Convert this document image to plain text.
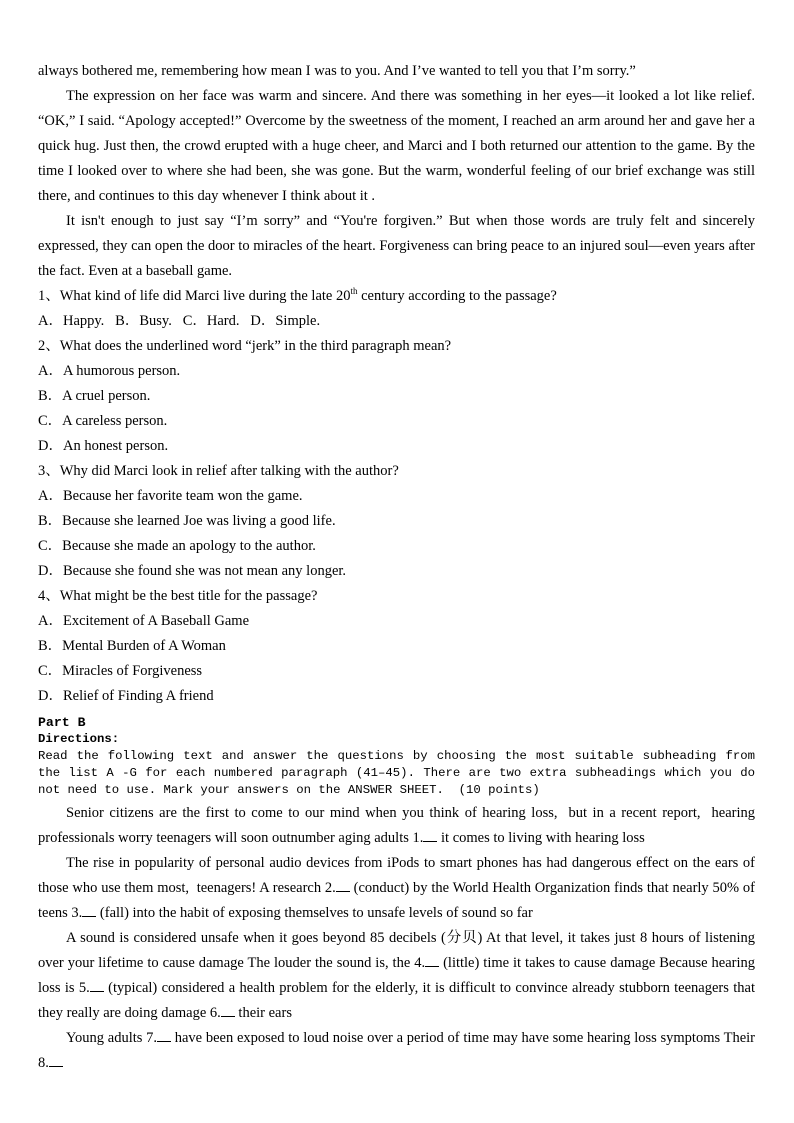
always bothered me, remembering how mean I was to you. And I’ve wanted to tell you that I’m sorry.”

The expression on her face was warm and sincere. And there was something in her eyes—it looked a lot like relief. “OK,” I said. “Apology accepted!” Overcome by the sweetness of the moment, I reached an arm around her and gave her a quick hug. Just then, the crowd erupted with a huge cheer, and Marci and I both returned our attention to the game. By the time I looked over to where she had been, she was gone. But the warm, wonderful feeling of our brief exchange was still there, and continues to this day whenever I think about it .

It isn't enough to just say “I’m sorry” and “You're forgiven.” But when those words are truly felt and sincerely expressed, they can open the door to miracles of the heart. Forgiveness can bring peace to an injured soul—even years after the fact. Even at a baseball game.

1、What kind of life did Marci live during the late 20th century according to the passage?

A．Happy.   B．Busy.   C．Hard.   D．Simple.

2、What does the underlined word “jerk” in the third paragraph mean?

A．A humorous person.

B．A cruel person.

C．A careless person.

D．An honest person.

3、Why did Marci look in relief after talking with the author?

A．Because her favorite team won the game.

B．Because she learned Joe was living a good life.

C．Because she made an apology to the author.

D．Because she found she was not mean any longer.

4、What might be the best title for the passage?

A．Excitement of A Baseball Game

B．Mental Burden of A Woman

C．Miracles of Forgiveness

D．Relief of Finding A friend

Part B

Directions:

Read the following text and answer the questions by choosing the most suitable subheading from the list A -G for each numbered paragraph (41–45). There are two extra subheadings which you do not need to use. Mark your answers on the ANSWER SHEET.  (10 points)

Senior citizens are the first to come to our mind when you think of hearing loss,  but in a recent report,  hearing professionals worry teenagers will soon outnumber aging adults 1. it comes to living with hearing loss

The rise in popularity of personal audio devices from iPods to smart phones has had dangerous effect on the ears of those who use them most,  teenagers! A research 2. (conduct) by the World Health Organization finds that nearly 50% of teens 3. (fall) into the habit of exposing themselves to unsafe levels of sound so far

A sound is considered unsafe when it goes beyond 85 decibels (分贝) At that level, it takes just 8 hours of listening over your lifetime to cause damage The louder the sound is, the 4. (little) time it takes to cause damage Because hearing loss is 5. (typical) considered a health problem for the elderly, it is difficult to convince already stubborn teenagers that they really are doing damage 6. their ears

Young adults 7. have been exposed to loud noise over a period of time may have some hearing loss symptoms Their 8.
